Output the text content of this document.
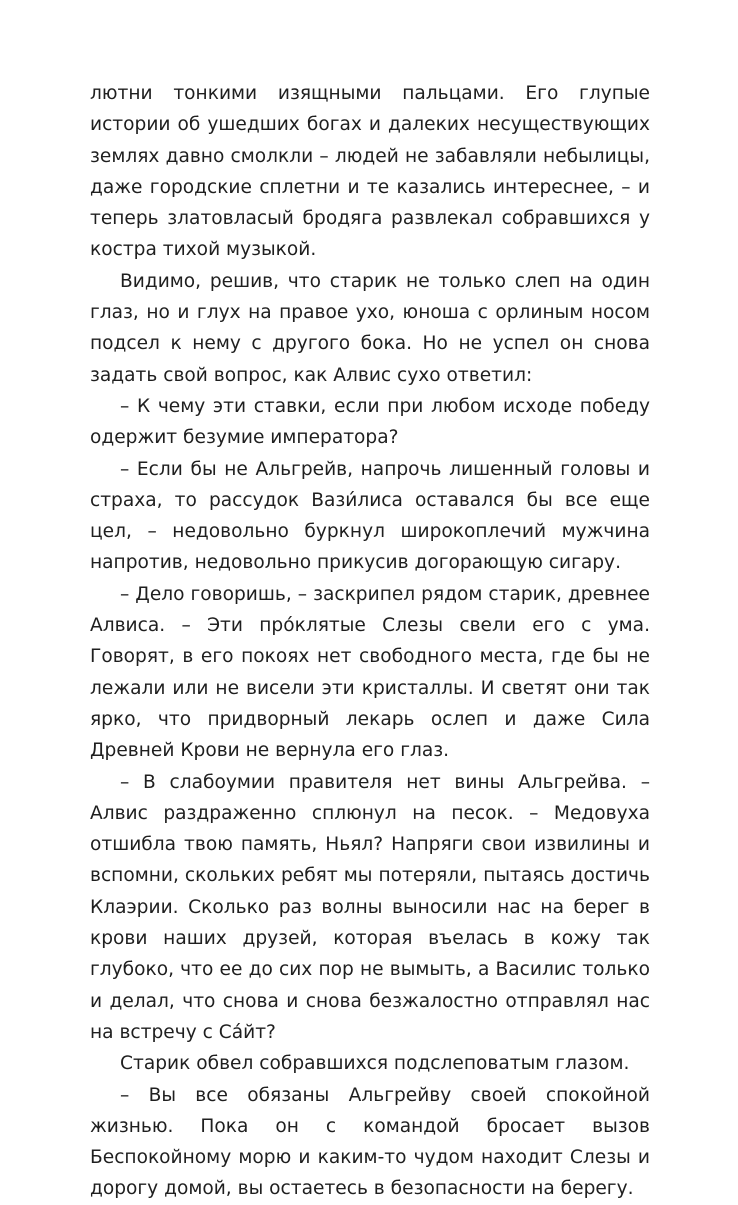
лютни тонкими изящными пальцами. Его глупые истории об ушедших богах и далеких несуществующих землях давно смолкли – людей не забавляли небылицы, даже городские сплетни и те казались интереснее, – и теперь златовласый бродяга развлекал собравшихся у костра тихой музыкой.

Видимо, решив, что старик не только слеп на один глаз, но и глух на правое ухо, юноша с орлиным носом подсел к нему с другого бока. Но не успел он снова задать свой вопрос, как Алвис сухо ответил:

– К чему эти ставки, если при любом исходе победу одержит безумие императора?

– Если бы не Альгрейв, напрочь лишенный головы и страха, то рассудок Вази́лиса оставался бы все еще цел, – недовольно буркнул широкоплечий мужчина напротив, недовольно прикусив догорающую сигару.

– Дело говоришь, – заскрипел рядом старик, древнее Алвиса. – Эти про́клятые Слезы свели его с ума. Говорят, в его покоях нет свободного места, где бы не лежали или не висели эти кристаллы. И светят они так ярко, что придворный лекарь ослеп и даже Сила Древней Крови не вернула его глаз.

– В слабоумии правителя нет вины Альгрейва. – Алвис раздраженно сплюнул на песок. – Медовуха отшибла твою память, Ньял? Напряги свои извилины и вспомни, скольких ребят мы потеряли, пытаясь достичь Клаэрии. Сколько раз волны выносили нас на берег в крови наших друзей, которая въелась в кожу так глубоко, что ее до сих пор не вымыть, а Василис только и делал, что снова и снова безжалостно отправлял нас на встречу с Са́йт?

Старик обвел собравшихся подслеповатым глазом.

– Вы все обязаны Альгрейву своей спокойной жизнью. Пока он с командой бросает вызов Беспокойному морю и каким-то чудом находит Слезы и дорогу домой, вы остаетесь в безопасности на берегу.
